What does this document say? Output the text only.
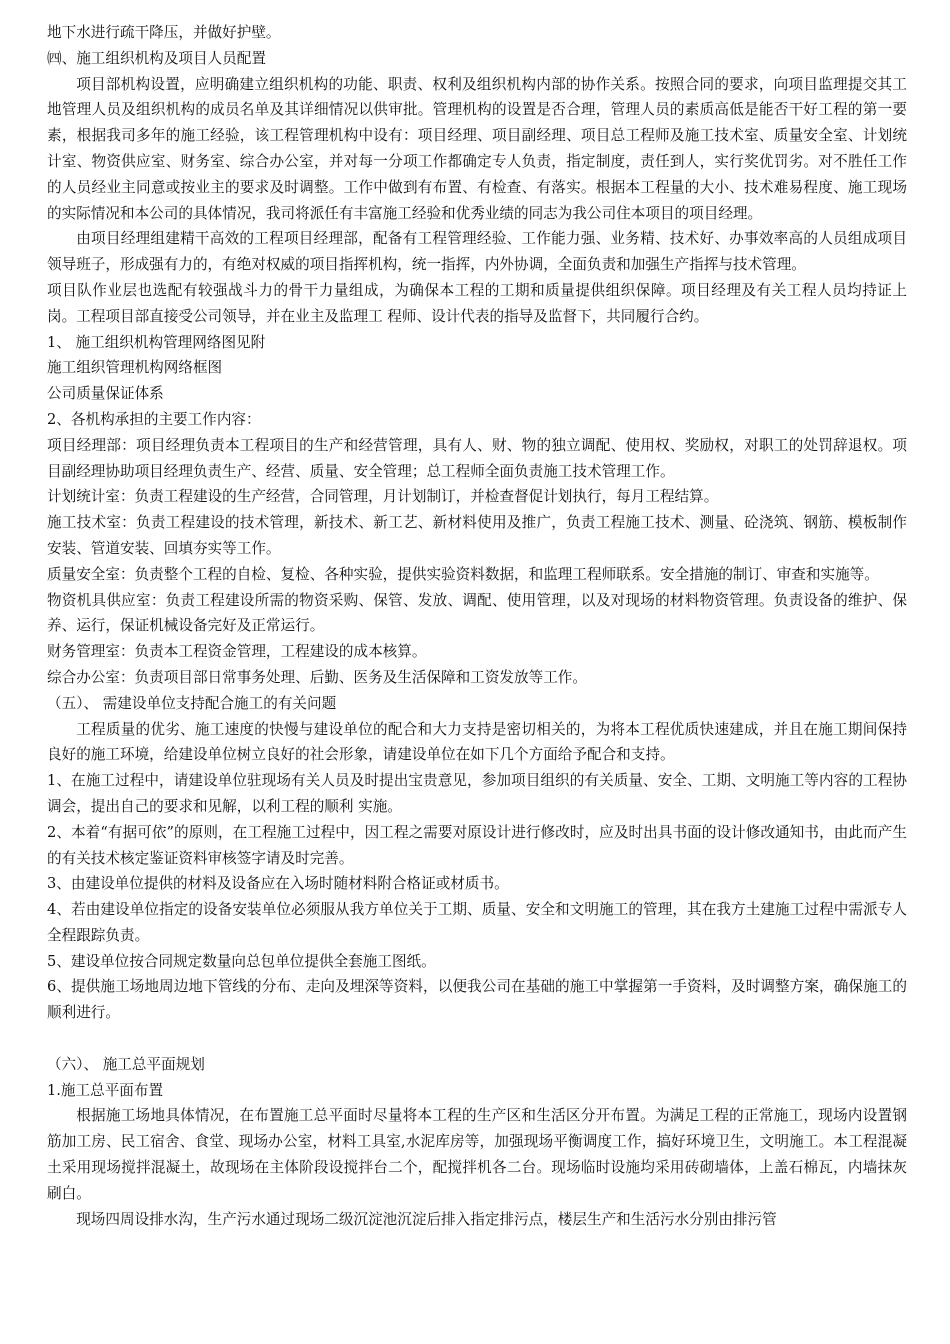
地下水进行疏干降压，并做好护壁。

㈣、施工组织机构及项目人员配置

项目部机构设置，应明确建立组织机构的功能、职责、权利及组织机构内部的协作关系。按照合同的要求，向项目监理提交其工地管理人员及组织机构的成员名单及其详细情况以供审批。管理机构的设置是否合理，管理人员的素质高低是能否干好工程的第一要素，根据我司多年的施工经验，该工程管理机构中设有：项目经理、项目副经理、项目总工程师及施工技术室、质量安全室、计划统计室、物资供应室、财务室、综合办公室，并对每一分项工作都确定专人负责，指定制度，责任到人，实行奖优罚劣。对不胜任工作的人员经业主同意或按业主的要求及时调整。工作中做到有布置、有检查、有落实。根据本工程量的大小、技术难易程度、施工现场的实际情况和本公司的具体情况，我司将派任有丰富施工经验和优秀业绩的同志为我公司住本项目的项目经理。

由项目经理组建精干高效的工程项目经理部，配备有工程管理经验、工作能力强、业务精、技术好、办事效率高的人员组成项目领导班子，形成强有力的，有绝对权威的项目指挥机构，统一指挥，内外协调，全面负责和加强生产指挥与技术管理。

项目队作业层也选配有较强战斗力的骨干力量组成，为确保本工程的工期和质量提供组织保障。项目经理及有关工程人员均持证上岗。工程项目部直接受公司领导，并在业主及监理工 程师、设计代表的指导及监督下，共同履行合约。

1、 施工组织机构管理网络图见附

施工组织管理机构网络框图

公司质量保证体系

2、各机构承担的主要工作内容：

项目经理部：项目经理负责本工程项目的生产和经营管理，具有人、财、物的独立调配、使用权、奖励权，对职工的处罚辞退权。项目副经理协助项目经理负责生产、经营、质量、安全管理；总工程师全面负责施工技术管理工作。

计划统计室：负责工程建设的生产经营，合同管理，月计划制订，并检查督促计划执行，每月工程结算。

施工技术室：负责工程建设的技术管理，新技术、新工艺、新材料使用及推广，负责工程施工技术、测量、砼浇筑、钢筋、模板制作安装、管道安装、回填夯实等工作。

质量安全室：负责整个工程的自检、复检、各种实验，提供实验资料数据，和监理工程师联系。安全措施的制订、审查和实施等。

物资机具供应室：负责工程建设所需的物资采购、保管、发放、调配、使用管理，以及对现场的材料物资管理。负责设备的维护、保养、运行，保证机械设备完好及正常运行。

财务管理室：负责本工程资金管理，工程建设的成本核算。

综合办公室：负责项目部日常事务处理、后勤、医务及生活保障和工资发放等工作。

（五）、 需建设单位支持配合施工的有关问题

工程质量的优劣、施工速度的快慢与建设单位的配合和大力支持是密切相关的，为将本工程优质快速建成，并且在施工期间保持良好的施工环境，给建设单位树立良好的社会形象，请建设单位在如下几个方面给予配合和支持。

1、在施工过程中，请建设单位驻现场有关人员及时提出宝贵意见，参加项目组织的有关质量、安全、工期、文明施工等内容的工程协调会，提出自己的要求和见解，以利工程的顺利 实施。

2、本着“有据可依”的原则，在工程施工过程中，因工程之需要对原设计进行修改时，应及时出具书面的设计修改通知书，由此而产生的有关技术核定鉴证资料审核签字请及时完善。

3、由建设单位提供的材料及设备应在入场时随材料附合格证或材质书。

4、若由建设单位指定的设备安装单位必须服从我方单位关于工期、质量、安全和文明施工的管理，其在我方土建施工过程中需派专人全程跟踪负责。

5、建设单位按合同规定数量向总包单位提供全套施工图纸。

6、提供施工场地周边地下管线的分布、走向及埋深等资料，以便我公司在基础的施工中掌握第一手资料，及时调整方案，确保施工的顺利进行。

（六）、 施工总平面规划

1.施工总平面布置

根据施工场地具体情况，在布置施工总平面时尽量将本工程的生产区和生活区分开布置。为满足工程的正常施工，现场内设置钢筋加工房、民工宿舍、食堂、现场办公室，材料工具室,水泥库房等，加强现场平衡调度工作，搞好环境卫生，文明施工。本工程混凝土采用现场搅拌混凝土，故现场在主体阶段设搅拌台二个，配搅拌机各二台。现场临时设施均采用砖砌墙体，上盖石棉瓦，内墙抹灰刷白。

现场四周设排水沟，生产污水通过现场二级沉淀池沉淀后排入指定排污点，楼层生产和生活污水分别由排污管
